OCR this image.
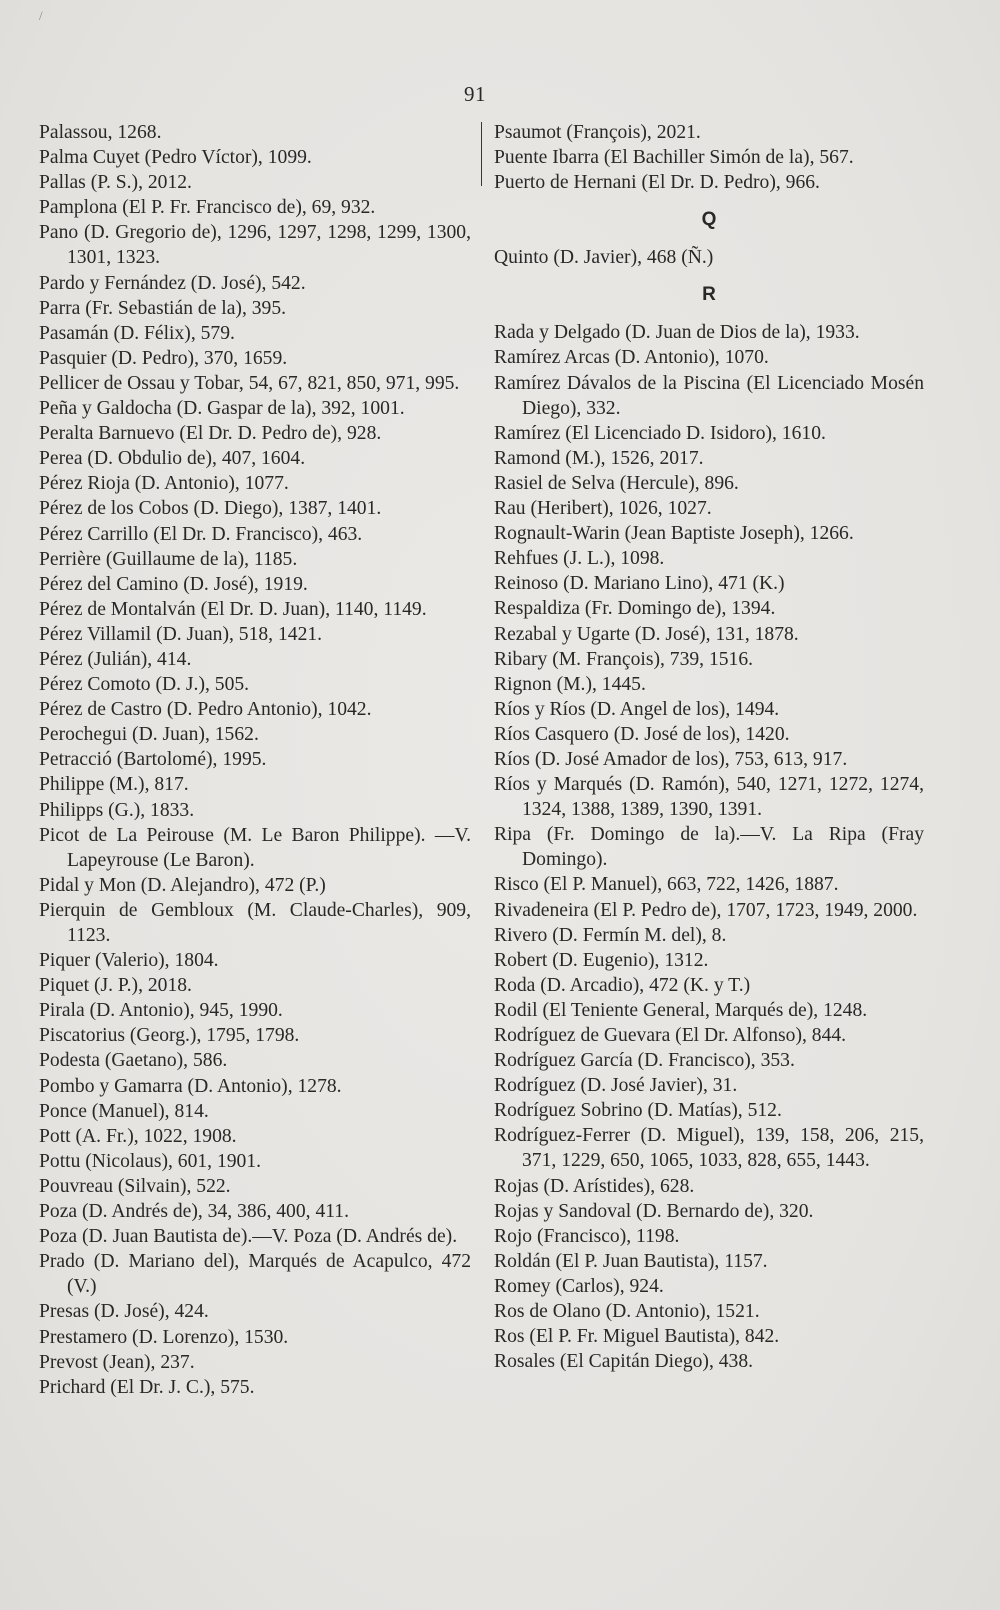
/
91
Palassou, 1268.
Palma Cuyet (Pedro Víctor), 1099.
Pallas (P. S.), 2012.
Pamplona (El P. Fr. Francisco de), 69, 932.
Pano (D. Gregorio de), 1296, 1297, 1298, 1299, 1300, 1301, 1323.
Pardo y Fernández (D. José), 542.
Parra (Fr. Sebastián de la), 395.
Pasamán (D. Félix), 579.
Pasquier (D. Pedro), 370, 1659.
Pellicer de Ossau y Tobar, 54, 67, 821, 850, 971, 995.
Peña y Galdocha (D. Gaspar de la), 392, 1001.
Peralta Barnuevo (El Dr. D. Pedro de), 928.
Perea (D. Obdulio de), 407, 1604.
Pérez Rioja (D. Antonio), 1077.
Pérez de los Cobos (D. Diego), 1387, 1401.
Pérez Carrillo (El Dr. D. Francisco), 463.
Perrière (Guillaume de la), 1185.
Pérez del Camino (D. José), 1919.
Pérez de Montalván (El Dr. D. Juan), 1140, 1149.
Pérez Villamil (D. Juan), 518, 1421.
Pérez (Julián), 414.
Pérez Comoto (D. J.), 505.
Pérez de Castro (D. Pedro Antonio), 1042.
Perochegui (D. Juan), 1562.
Petracció (Bartolomé), 1995.
Philippe (M.), 817.
Philipps (G.), 1833.
Picot de La Peirouse (M. Le Baron Philippe). —V. Lapeyrouse (Le Baron).
Pidal y Mon (D. Alejandro), 472 (P.)
Pierquin de Gembloux (M. Claude-Charles), 909, 1123.
Piquer (Valerio), 1804.
Piquet (J. P.), 2018.
Pirala (D. Antonio), 945, 1990.
Piscatorius (Georg.), 1795, 1798.
Podesta (Gaetano), 586.
Pombo y Gamarra (D. Antonio), 1278.
Ponce (Manuel), 814.
Pott (A. Fr.), 1022, 1908.
Pottu (Nicolaus), 601, 1901.
Pouvreau (Silvain), 522.
Poza (D. Andrés de), 34, 386, 400, 411.
Poza (D. Juan Bautista de).—V. Poza (D. Andrés de).
Prado (D. Mariano del), Marqués de Acapulco, 472 (V.)
Presas (D. José), 424.
Prestamero (D. Lorenzo), 1530.
Prevost (Jean), 237.
Prichard (El Dr. J. C.), 575.
Psaumot (François), 2021.
Puente Ibarra (El Bachiller Simón de la), 567.
Puerto de Hernani (El Dr. D. Pedro), 966.
Q
Quinto (D. Javier), 468 (Ñ.)
R
Rada y Delgado (D. Juan de Dios de la), 1933.
Ramírez Arcas (D. Antonio), 1070.
Ramírez Dávalos de la Piscina (El Licenciado Mosén Diego), 332.
Ramírez (El Licenciado D. Isidoro), 1610.
Ramond (M.), 1526, 2017.
Rasiel de Selva (Hercule), 896.
Rau (Heribert), 1026, 1027.
Rognault-Warin (Jean Baptiste Joseph), 1266.
Rehfues (J. L.), 1098.
Reinoso (D. Mariano Lino), 471 (K.)
Respaldiza (Fr. Domingo de), 1394.
Rezabal y Ugarte (D. José), 131, 1878.
Ribary (M. François), 739, 1516.
Rignon (M.), 1445.
Ríos y Ríos (D. Angel de los), 1494.
Ríos Casquero (D. José de los), 1420.
Ríos (D. José Amador de los), 753, 613, 917.
Ríos y Marqués (D. Ramón), 540, 1271, 1272, 1274, 1324, 1388, 1389, 1390, 1391.
Ripa (Fr. Domingo de la).—V. La Ripa (Fray Domingo).
Risco (El P. Manuel), 663, 722, 1426, 1887.
Rivadeneira (El P. Pedro de), 1707, 1723, 1949, 2000.
Rivero (D. Fermín M. del), 8.
Robert (D. Eugenio), 1312.
Roda (D. Arcadio), 472 (K. y T.)
Rodil (El Teniente General, Marqués de), 1248.
Rodríguez de Guevara (El Dr. Alfonso), 844.
Rodríguez García (D. Francisco), 353.
Rodríguez (D. José Javier), 31.
Rodríguez Sobrino (D. Matías), 512.
Rodríguez-Ferrer (D. Miguel), 139, 158, 206, 215, 371, 1229, 650, 1065, 1033, 828, 655, 1443.
Rojas (D. Arístides), 628.
Rojas y Sandoval (D. Bernardo de), 320.
Rojo (Francisco), 1198.
Roldán (El P. Juan Bautista), 1157.
Romey (Carlos), 924.
Ros de Olano (D. Antonio), 1521.
Ros (El P. Fr. Miguel Bautista), 842.
Rosales (El Capitán Diego), 438.
